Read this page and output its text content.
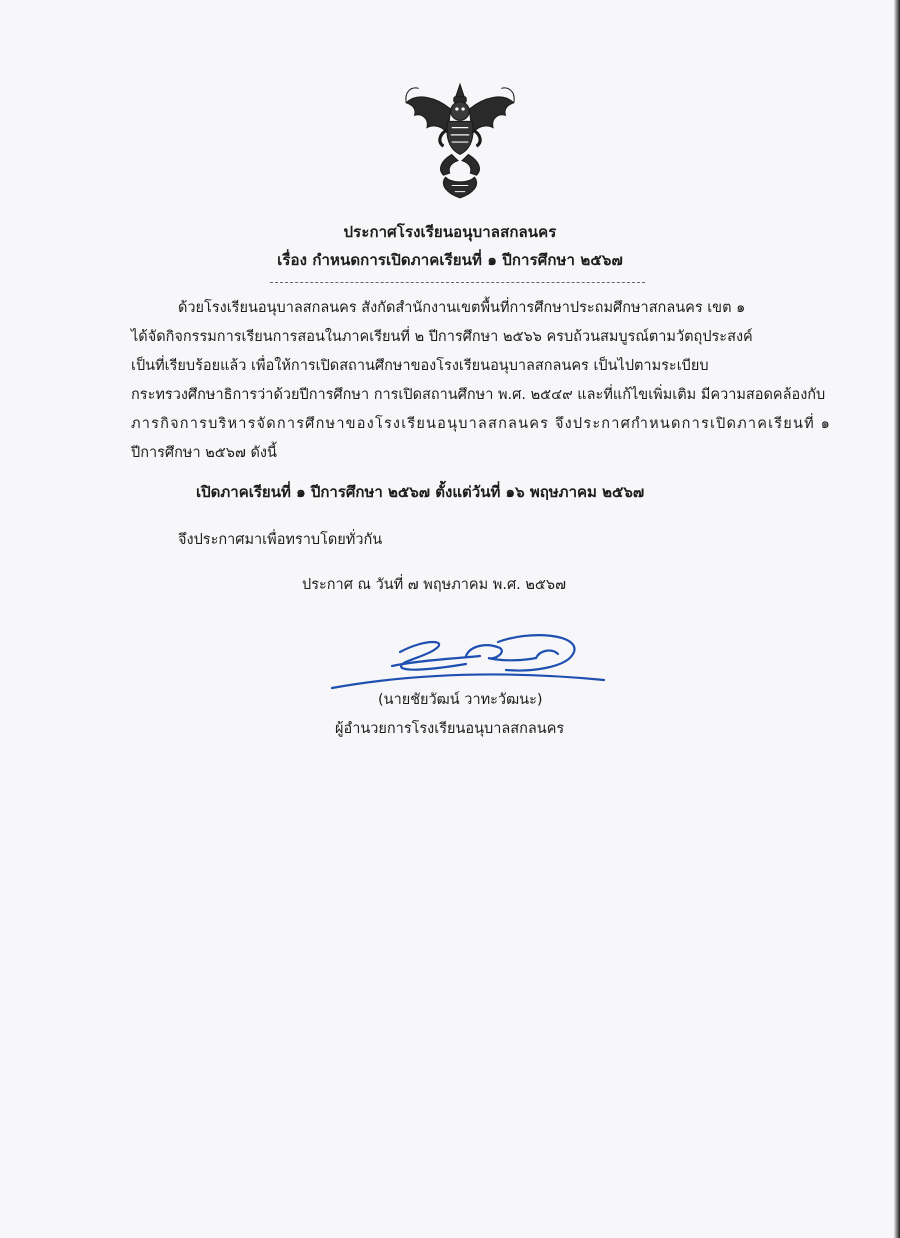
ประกาศโรงเรียนอนุบาลสกลนคร
เรื่อง กำหนดการเปิดภาคเรียนที่ ๑ ปีการศึกษา ๒๕๖๗
ด้วยโรงเรียนอนุบาลสกลนคร สังกัดสำนักงานเขตพื้นที่การศึกษาประถมศึกษาสกลนคร เขต ๑
ได้จัดกิจกรรมการเรียนการสอนในภาคเรียนที่ ๒ ปีการศึกษา ๒๕๖๖ ครบถ้วนสมบูรณ์ตามวัตถุประสงค์
เป็นที่เรียบร้อยแล้ว เพื่อให้การเปิดสถานศึกษาของโรงเรียนอนุบาลสกลนคร เป็นไปตามระเบียบ
กระทรวงศึกษาธิการว่าด้วยปีการศึกษา การเปิดสถานศึกษา พ.ศ. ๒๕๔๙ และที่แก้ไขเพิ่มเติม มีความสอดคล้องกับ
ภารกิจการบริหารจัดการศึกษาของโรงเรียนอนุบาลสกลนคร จึงประกาศกำหนดการเปิดภาคเรียนที่ ๑
ปีการศึกษา ๒๕๖๗ ดังนี้
เปิดภาคเรียนที่ ๑ ปีการศึกษา ๒๕๖๗ ตั้งแต่วันที่ ๑๖ พฤษภาคม ๒๕๖๗
จึงประกาศมาเพื่อทราบโดยทั่วกัน
ประกาศ ณ วันที่ ๗ พฤษภาคม พ.ศ. ๒๕๖๗
(นายชัยวัฒน์ วาทะวัฒนะ)
ผู้อำนวยการโรงเรียนอนุบาลสกลนคร
